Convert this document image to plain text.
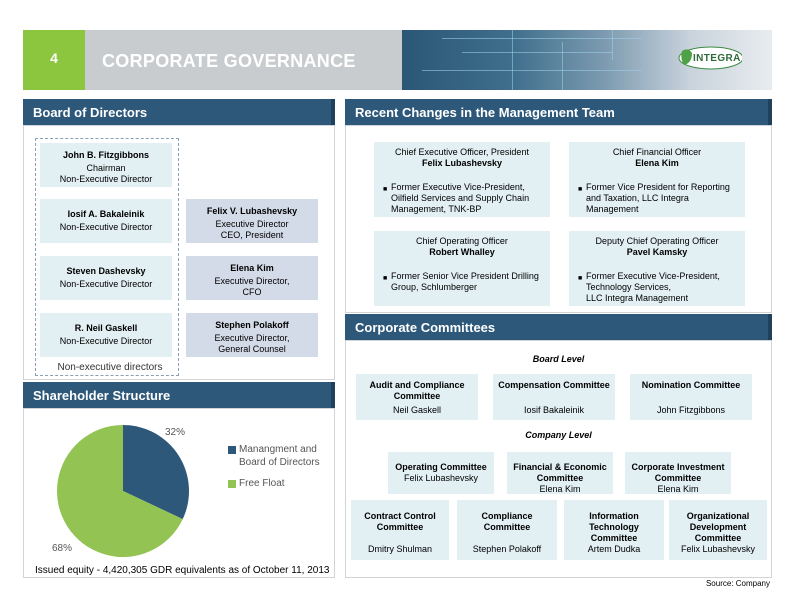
4	CORPORATE GOVERNANCE	INTEGRA
Board of Directors
John B. Fitzgibbons
Chairman
Non-Executive Director
Iosif A. Bakaleinik
Non-Executive Director
Steven Dashevsky
Non-Executive Director
R. Neil Gaskell
Non-Executive Director
Non-executive directors
Felix V. Lubashevsky
Executive Director
CEO, President
Elena Kim
Executive Director,
CFO
Stephen Polakoff
Executive Director,
General Counsel
Shareholder Structure
32%
68%
Manangment and Board of Directors
Free Float
Issued equity - 4,420,305 GDR equivalents as of October 11, 2013
Recent Changes in the Management Team
Chief Executive Officer, President
Felix Lubashevsky
■ Former Executive Vice-President, Oilfield Services and Supply Chain Management, TNK-BP
Chief Financial Officer
Elena Kim
■ Former Vice President for Reporting and Taxation, LLC Integra Management
Chief Operating Officer
Robert Whalley
■ Former Senior Vice President Drilling Group, Schlumberger
Deputy Chief Operating Officer
Pavel Kamsky
■ Former Executive Vice-President, Technology Services,
LLC Integra Management
Corporate Committees
Board Level
Audit and Compliance Committee
Neil Gaskell
Compensation Committee
Iosif Bakaleinik
Nomination Committee
John Fitzgibbons
Company Level
Operating Committee
Felix Lubashevsky
Financial & Economic Committee
Elena Kim
Corporate Investment Committee
Elena Kim
Contract Control Committee
Dmitry Shulman
Compliance Committee
Stephen Polakoff
Information Technology Committee
Artem Dudka
Organizational Development Committee
Felix Lubashevsky
Source: Company
